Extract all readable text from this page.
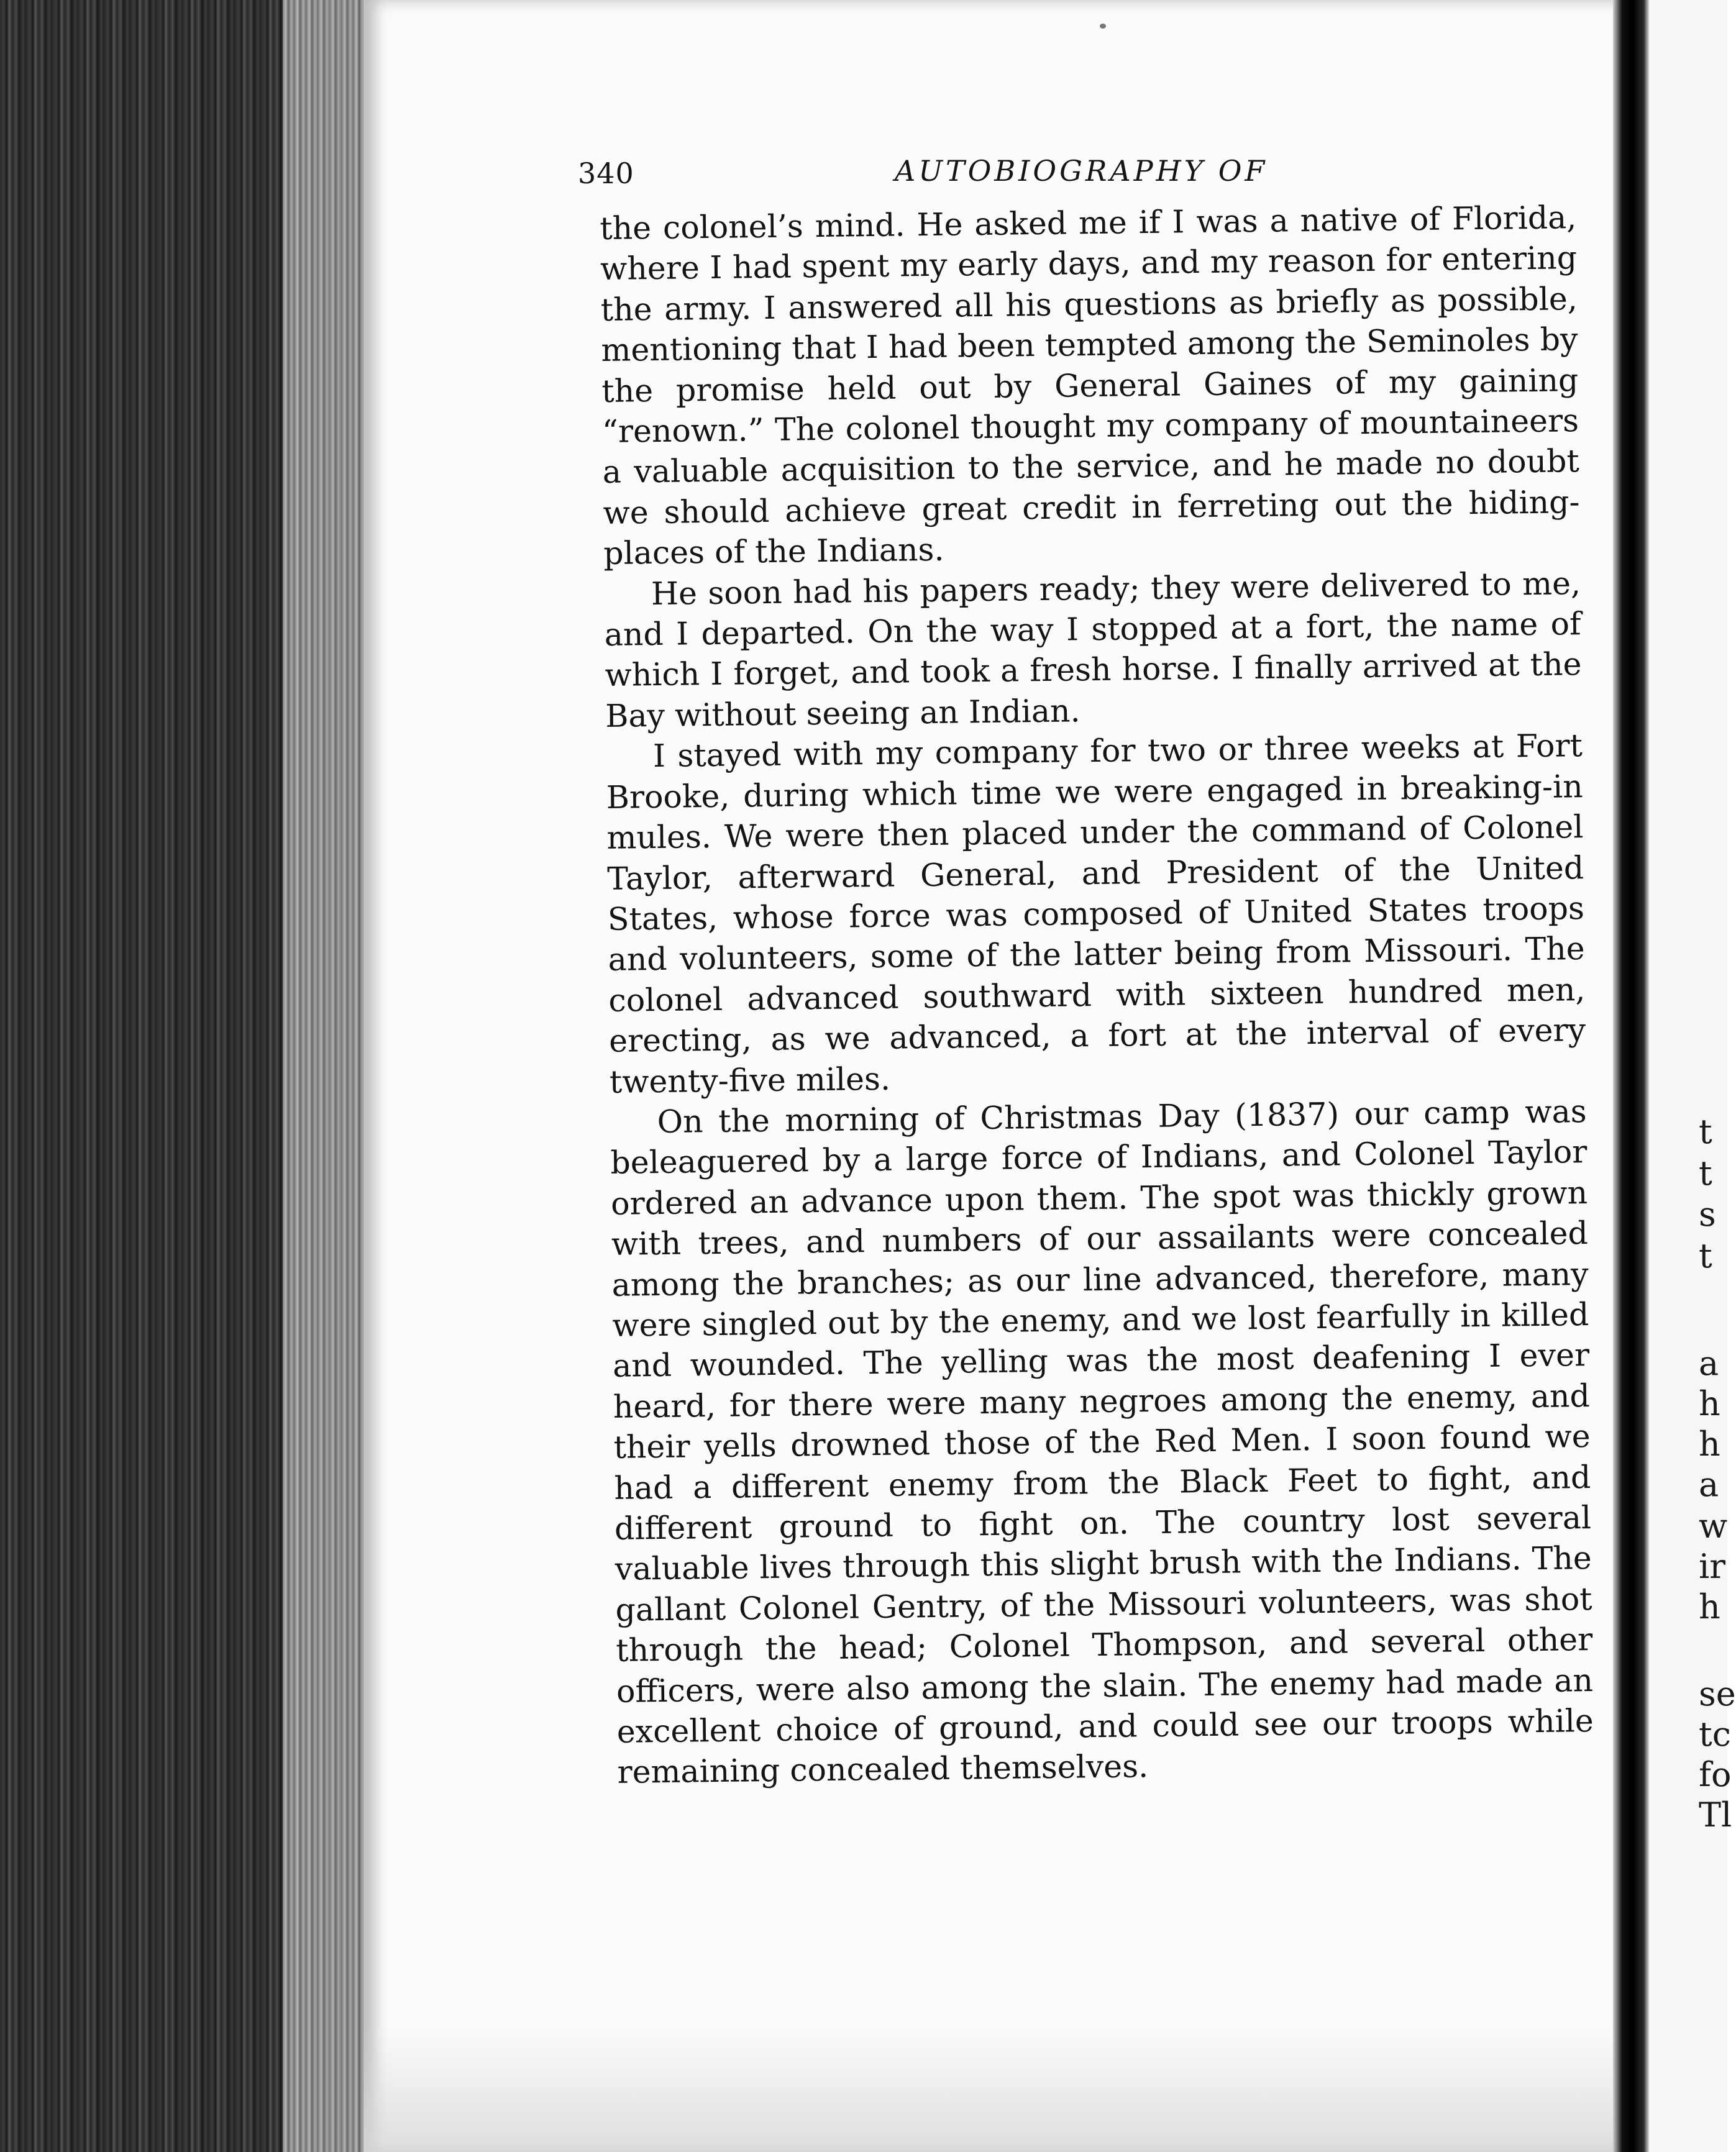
340	AUTOBIOGRAPHY OF

the colonel’s mind. He asked me if I was a native of Florida, where I had spent my early days, and my reason for entering the army. I answered all his questions as briefly as possible, mentioning that I had been tempted among the Seminoles by the promise held out by General Gaines of my gaining “renown.” The colonel thought my company of mountaineers a valuable acquisition to the service, and he made no doubt we should achieve great credit in ferreting out the hiding-places of the Indians.

He soon had his papers ready; they were delivered to me, and I departed. On the way I stopped at a fort, the name of which I forget, and took a fresh horse. I finally arrived at the Bay without seeing an Indian.

I stayed with my company for two or three weeks at Fort Brooke, during which time we were engaged in breaking-in mules. We were then placed under the command of Colonel Taylor, afterward General, and President of the United States, whose force was composed of United States troops and volunteers, some of the latter being from Missouri. The colonel advanced southward with sixteen hundred men, erecting, as we advanced, a fort at the interval of every twenty-five miles.

On the morning of Christmas Day (1837) our camp was beleaguered by a large force of Indians, and Colonel Taylor ordered an advance upon them. The spot was thickly grown with trees, and numbers of our assailants were concealed among the branches; as our line advanced, therefore, many were singled out by the enemy, and we lost fearfully in killed and wounded. The yelling was the most deafening I ever heard, for there were many negroes among the enemy, and their yells drowned those of the Red Men. I soon found we had a different enemy from the Black Feet to fight, and different ground to fight on. The country lost several valuable lives through this slight brush with the Indians. The gallant Colonel Gentry, of the Missouri volunteers, was shot through the head; Colonel Thompson, and several other officers, were also among the slain. The enemy had made an excellent choice of ground, and could see our troops while remaining concealed themselves.

t
t
s
t
a
h
h
a
w
ir
h
se
tc
fo
Tl
